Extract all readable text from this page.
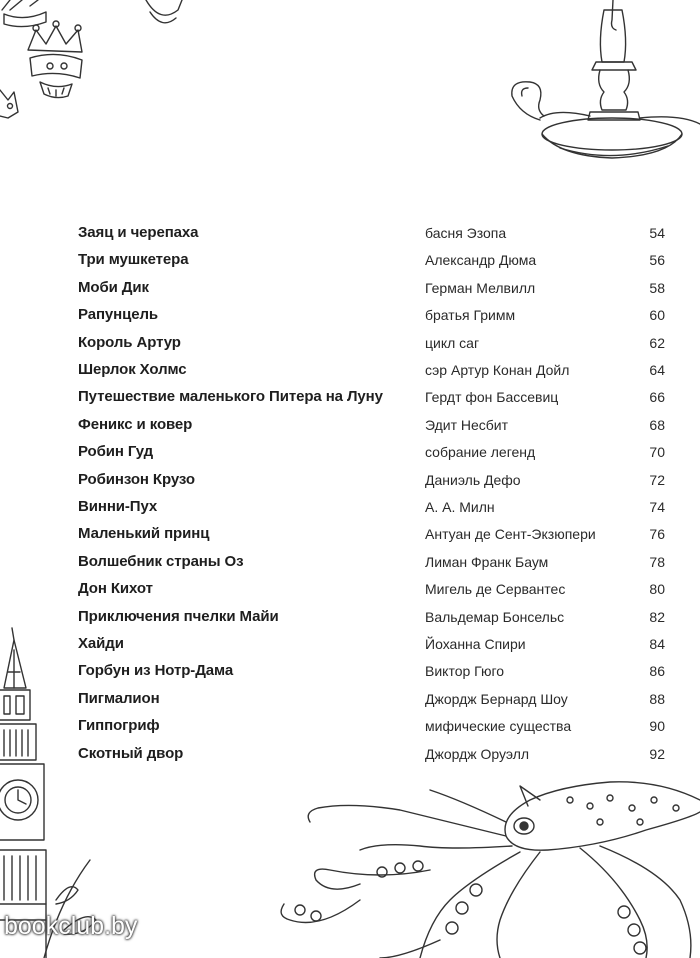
Заяц и черепаха	басня Эзопа	54
Три мушкетера	Александр Дюма	56
Моби Дик	Герман Мелвилл	58
Рапунцель	братья Гримм	60
Король Артур	цикл саг	62
Шерлок Холмс	сэр Артур Конан Дойл	64
Путешествие маленького Питера на Луну	Гердт фон Бассевиц	66
Феникс и ковер	Эдит Несбит	68
Робин Гуд	собрание легенд	70
Робинзон Крузо	Даниэль Дефо	72
Винни-Пух	А. А. Милн	74
Маленький принц	Антуан де Сент-Экзюпери	76
Волшебник страны Оз	Лиман Франк Баум	78
Дон Кихот	Мигель де Сервантес	80
Приключения пчелки Майи	Вальдемар Бонсельс	82
Хайди	Йоханна Спири	84
Горбун из Нотр-Дама	Виктор Гюго	86
Пигмалион	Джордж Бернард Шоу	88
Гиппогриф	мифические существа	90
Скотный двор	Джордж Оруэлл	92
bookclub.by
